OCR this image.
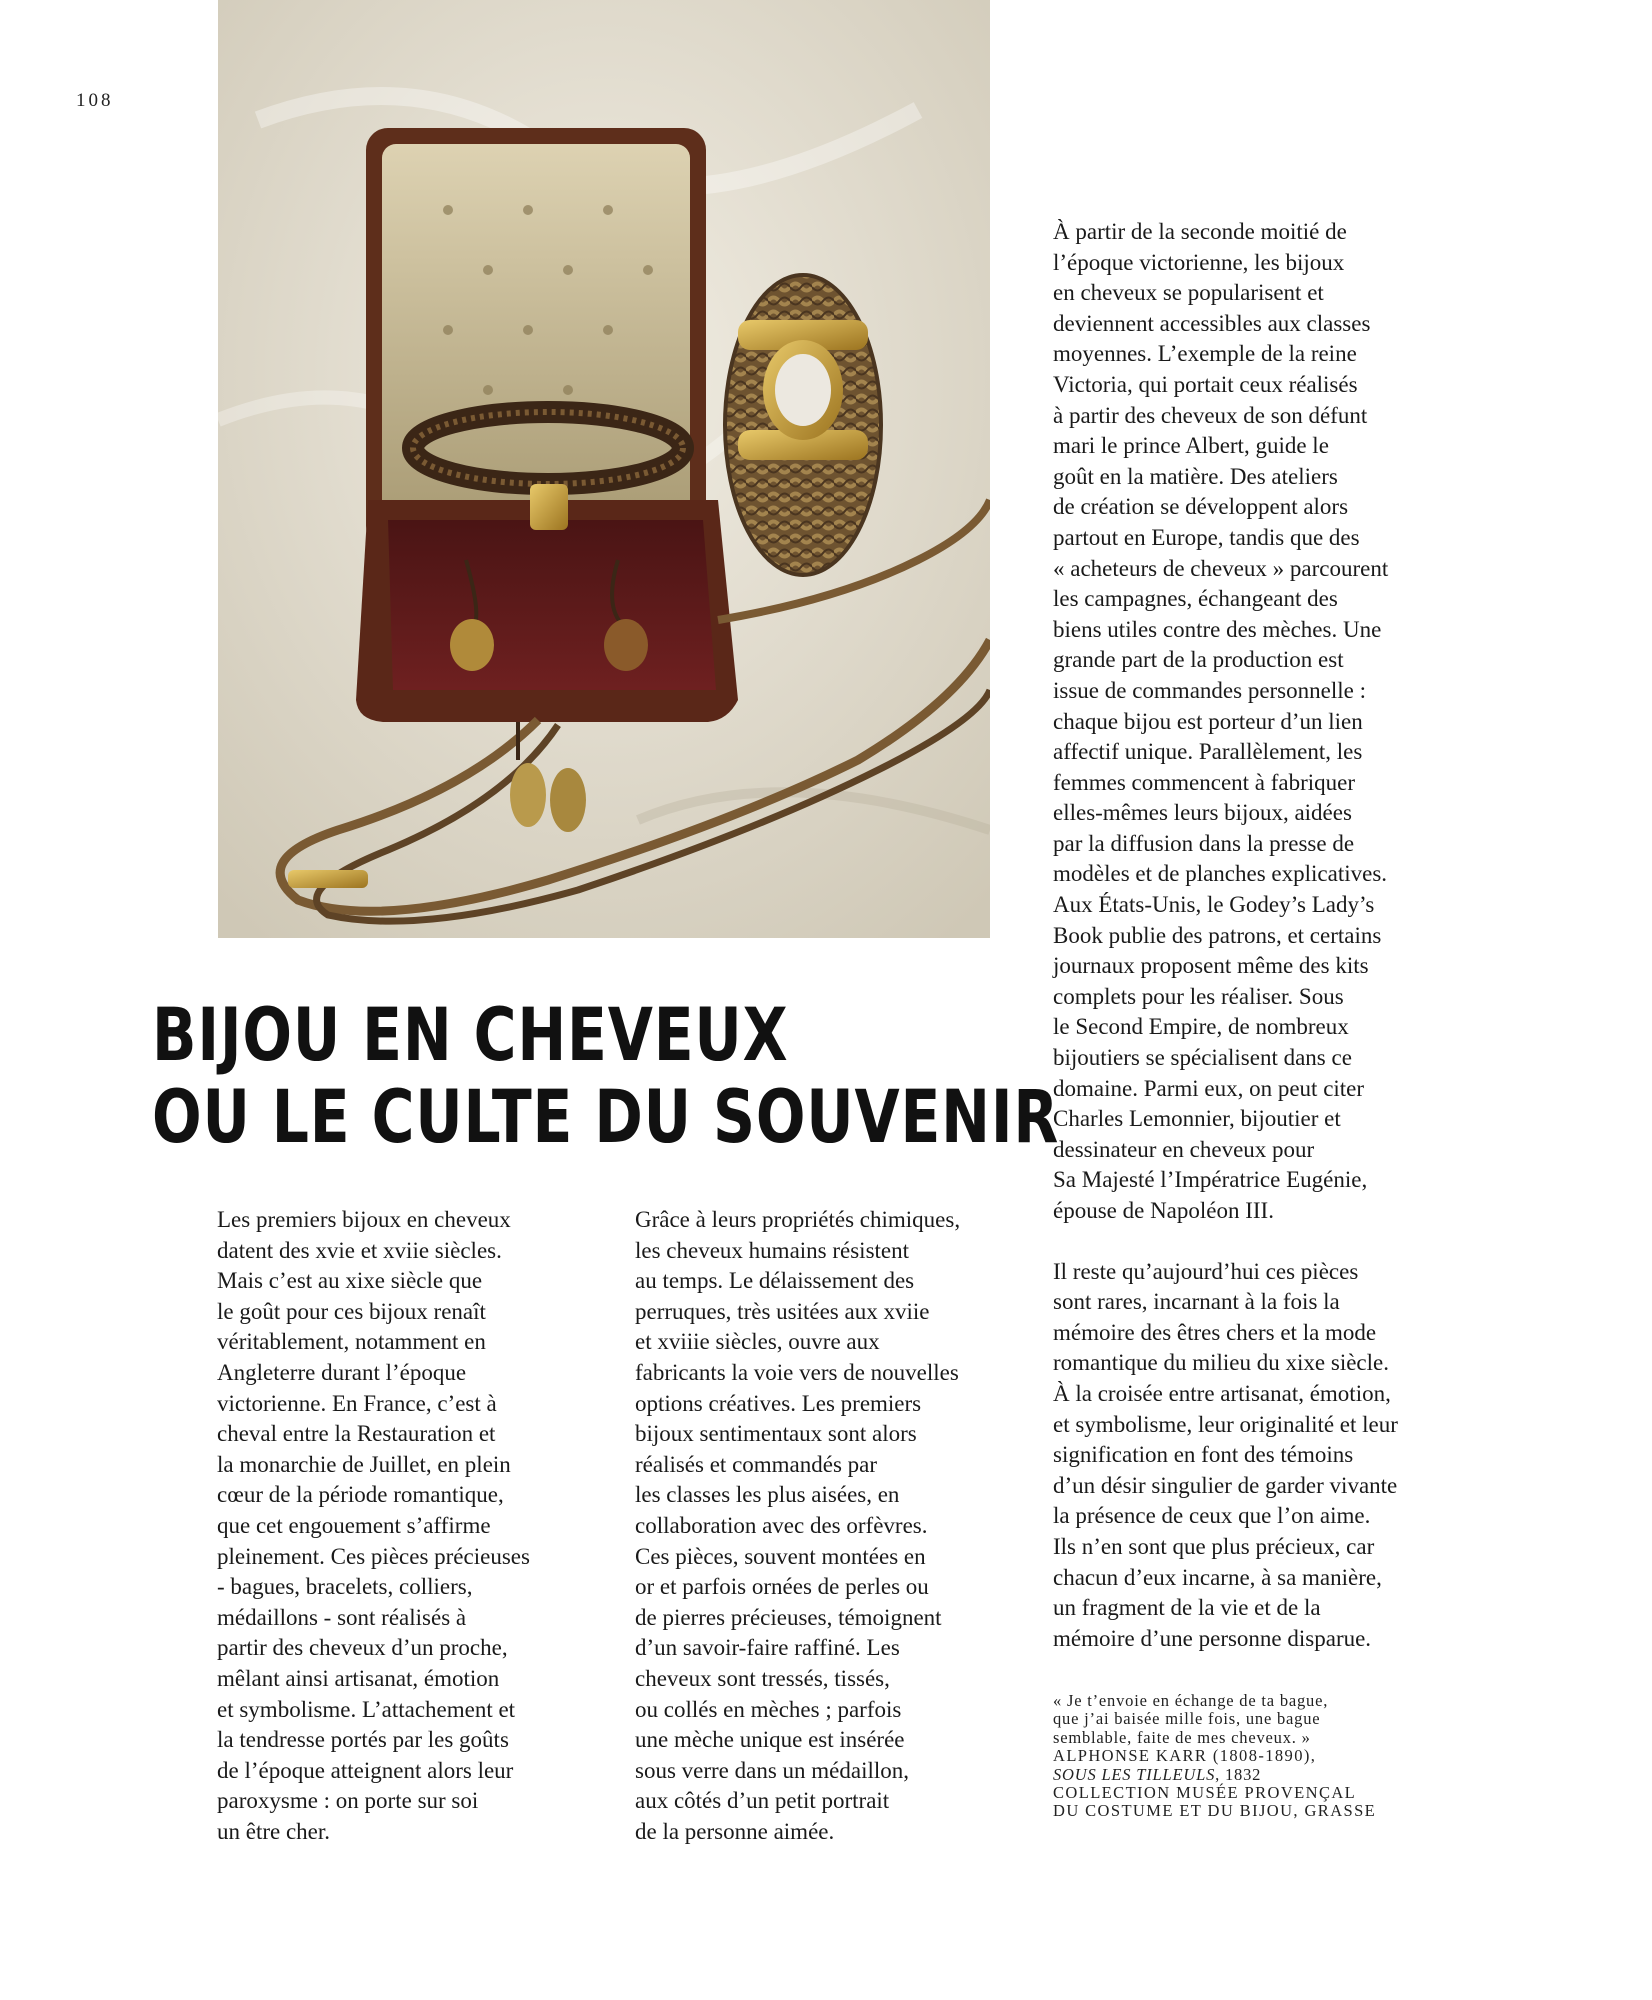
108
BIJOU EN CHEVEUX
OU LE CULTE DU SOUVENIR

Les premiers bijoux en cheveux
datent des xvie et xviie siècles.
Mais c’est au xixe siècle que
le goût pour ces bijoux renaît
véritablement, notamment en
Angleterre durant l’époque
victorienne. En France, c’est à
cheval entre la Restauration et
la monarchie de Juillet, en plein
cœur de la période romantique,
que cet engouement s’affirme
pleinement. Ces pièces précieuses
- bagues, bracelets, colliers,
médaillons - sont réalisés à
partir des cheveux d’un proche,
mêlant ainsi artisanat, émotion
et symbolisme. L’attachement et
la tendresse portés par les goûts
de l’époque atteignent alors leur
paroxysme : on porte sur soi
un être cher.

Grâce à leurs propriétés chimiques,
les cheveux humains résistent
au temps. Le délaissement des
perruques, très usitées aux xviie
et xviiie siècles, ouvre aux
fabricants la voie vers de nouvelles
options créatives. Les premiers
bijoux sentimentaux sont alors
réalisés et commandés par
les classes les plus aisées, en
collaboration avec des orfèvres.
Ces pièces, souvent montées en
or et parfois ornées de perles ou
de pierres précieuses, témoignent
d’un savoir-faire raffiné. Les
cheveux sont tressés, tissés,
ou collés en mèches ; parfois
une mèche unique est insérée
sous verre dans un médaillon,
aux côtés d’un petit portrait
de la personne aimée.

À partir de la seconde moitié de
l’époque victorienne, les bijoux
en cheveux se popularisent et
deviennent accessibles aux classes
moyennes. L’exemple de la reine
Victoria, qui portait ceux réalisés
à partir des cheveux de son défunt
mari le prince Albert, guide le
goût en la matière. Des ateliers
de création se développent alors
partout en Europe, tandis que des
« acheteurs de cheveux » parcourent
les campagnes, échangeant des
biens utiles contre des mèches. Une
grande part de la production est
issue de commandes personnelle :
chaque bijou est porteur d’un lien
affectif unique. Parallèlement, les
femmes commencent à fabriquer
elles-mêmes leurs bijoux, aidées
par la diffusion dans la presse de
modèles et de planches explicatives.
Aux États-Unis, le Godey’s Lady’s
Book publie des patrons, et certains
journaux proposent même des kits
complets pour les réaliser. Sous
le Second Empire, de nombreux
bijoutiers se spécialisent dans ce
domaine. Parmi eux, on peut citer
Charles Lemonnier, bijoutier et
dessinateur en cheveux pour
Sa Majesté l’Impératrice Eugénie,
épouse de Napoléon III.

Il reste qu’aujourd’hui ces pièces
sont rares, incarnant à la fois la
mémoire des êtres chers et la mode
romantique du milieu du xixe siècle.
À la croisée entre artisanat, émotion,
et symbolisme, leur originalité et leur
signification en font des témoins
d’un désir singulier de garder vivante
la présence de ceux que l’on aime.
Ils n’en sont que plus précieux, car
chacun d’eux incarne, à sa manière,
un fragment de la vie et de la
mémoire d’une personne disparue.

« Je t’envoie en échange de ta bague,
que j’ai baisée mille fois, une bague
semblable, faite de mes cheveux. »
ALPHONSE KARR (1808-1890),
SOUS LES TILLEULS, 1832
COLLECTION MUSÉE PROVENÇAL
DU COSTUME ET DU BIJOU, GRASSE
